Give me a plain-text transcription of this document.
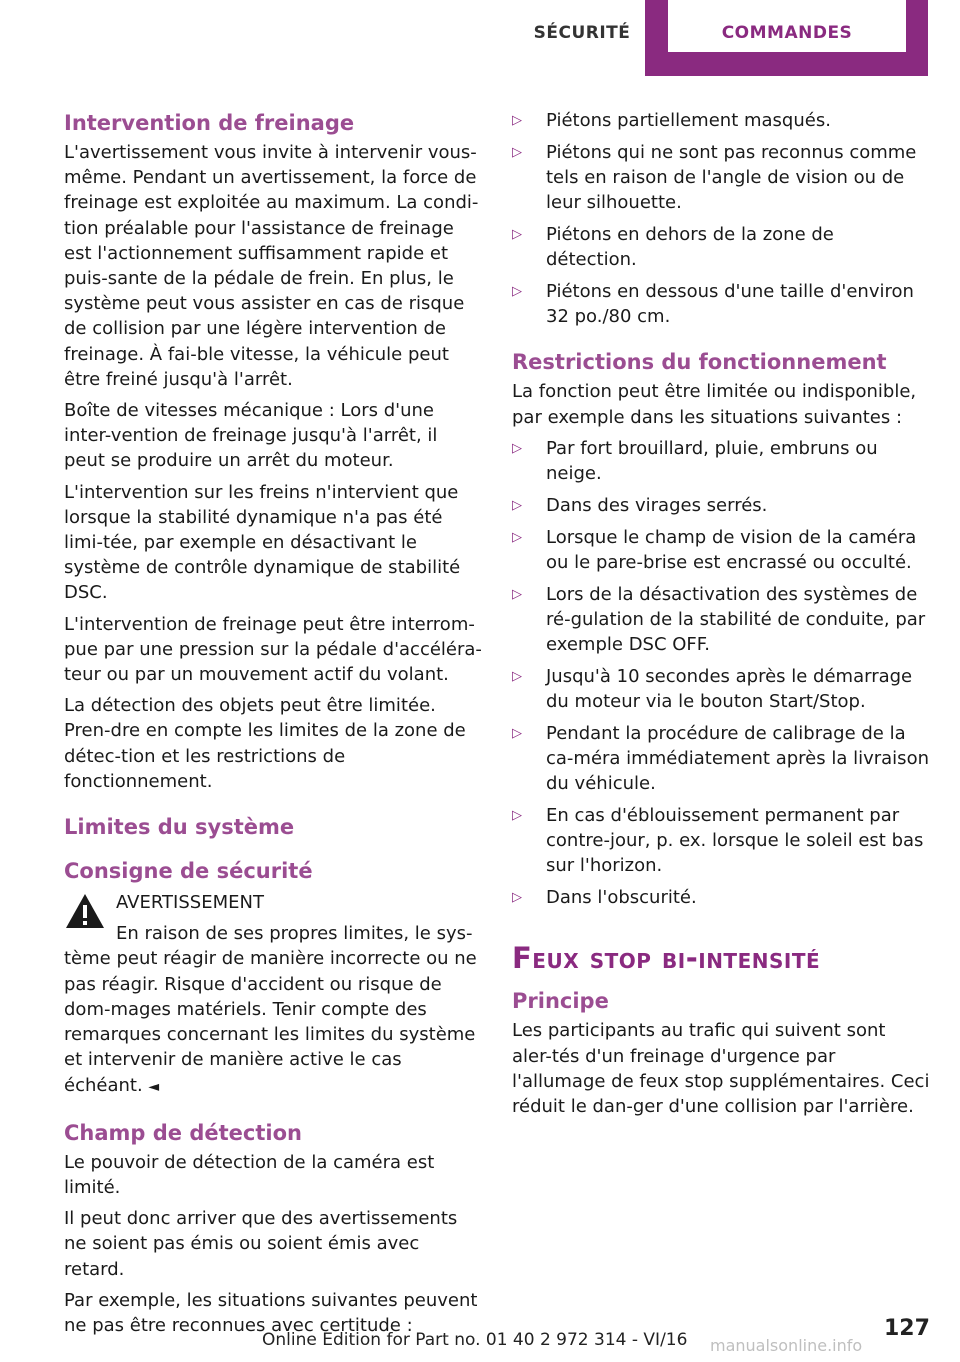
SÉCURITÉ	COMMANDES
Intervention de freinage

L'avertissement vous invite à intervenir vous-même. Pendant un avertissement, la force de freinage est exploitée au maximum. La condi-tion préalable pour l'assistance de freinage est l'actionnement suffisamment rapide et puis-sante de la pédale de frein. En plus, le système peut vous assister en cas de risque de collision par une légère intervention de freinage. À fai-ble vitesse, la véhicule peut être freiné jusqu'à l'arrêt.

Boîte de vitesses mécanique : Lors d'une inter-vention de freinage jusqu'à l'arrêt, il peut se produire un arrêt du moteur.

L'intervention sur les freins n'intervient que lorsque la stabilité dynamique n'a pas été limi-tée, par exemple en désactivant le système de contrôle dynamique de stabilité DSC.

L'intervention de freinage peut être interrom-pue par une pression sur la pédale d'accéléra-teur ou par un mouvement actif du volant.

La détection des objets peut être limitée. Pren-dre en compte les limites de la zone de détec-tion et les restrictions de fonctionnement.

Limites du système
Consigne de sécurité
AVERTISSEMENT

En raison de ses propres limites, le sys-tème peut réagir de manière incorrecte ou ne pas réagir. Risque d'accident ou risque de dom-mages matériels. Tenir compte des remarques concernant les limites du système et intervenir de manière active le cas échéant. ◄

Champ de détection

Le pouvoir de détection de la caméra est limité.

Il peut donc arriver que des avertissements ne soient pas émis ou soient émis avec retard.

Par exemple, les situations suivantes peuvent ne pas être reconnues avec certitude :

▷ Piétons partiellement masqués.
▷ Piétons qui ne sont pas reconnus comme tels en raison de l'angle de vision ou de leur silhouette.
▷ Piétons en dehors de la zone de détection.
▷ Piétons en dessous d'une taille d'environ 32 po./80 cm.
Restrictions du fonctionnement

La fonction peut être limitée ou indisponible, par exemple dans les situations suivantes :

▷ Par fort brouillard, pluie, embruns ou neige.
▷ Dans des virages serrés.
▷ Lorsque le champ de vision de la caméra ou le pare-brise est encrassé ou occulté.
▷ Lors de la désactivation des systèmes de ré-gulation de la stabilité de conduite, par exemple DSC OFF.
▷ Jusqu'à 10 secondes après le démarrage du moteur via le bouton Start/Stop.
▷ Pendant la procédure de calibrage de la ca-méra immédiatement après la livraison du véhicule.
▷ En cas d'éblouissement permanent par contre-jour, p. ex. lorsque le soleil est bas sur l'horizon.
▷ Dans l'obscurité.
Feux stop bi-intensité
Principe

Les participants au trafic qui suivent sont aler-tés d'un freinage d'urgence par l'allumage de feux stop supplémentaires. Ceci réduit le dan-ger d'une collision par l'arrière.

127
Online Edition for Part no. 01 40 2 972 314 - VI/16 manualsonline.info
